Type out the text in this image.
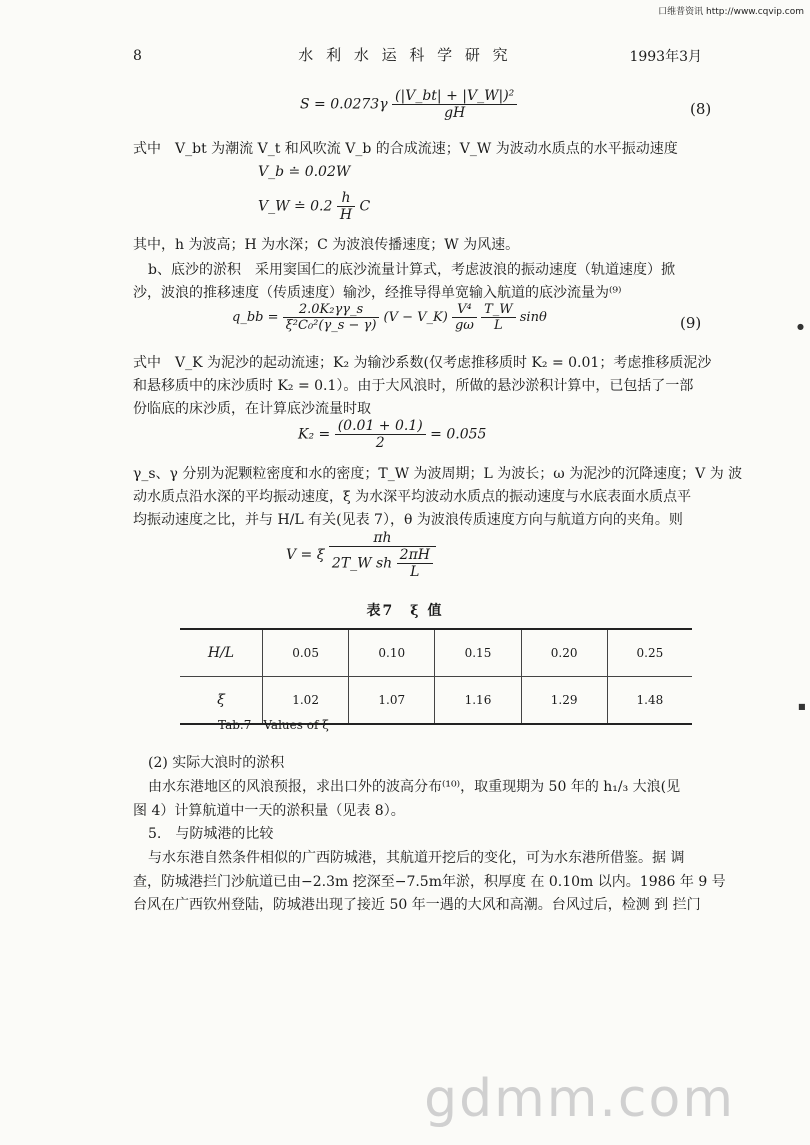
口维普资讯 http://www.cqvip.com
8	水 利 水 运 科 学 研 究	1993年3月
$S = 0.0273\gamma \frac{\text{(|V\_bt| + |V\_W|)²}}{gH}$	(8)
式中　V_bt 为潮流 V_t 和风吹流 V_b 的合成流速；V_W 为波动水质点的水平振动速度
V_b ≐ 0.02W
V_W ≐ $0.2 \frac{h}{H}$ C
其中，h 为波高；H 为水深；C 为波浪传播速度；W 为风速。
b、底沙的淤积　采用窦国仁的底沙流量计算式，考虑波浪的振动速度（轨道速度）掀
沙，波浪的推移速度（传质速度）输沙，经推导得单宽输入航道的底沙流量为⁽⁹⁾
q_bb = $\frac{\text{2.0K₂γγ\_s}}{\text{ξ²C₀²(γ\_s − γ)}} (V$ − V_K) $\frac{\text{V⁴}}{g\omega}$
$\frac{T\_W}{L}$ sinθ	(9)
式中　V_K 为泥沙的起动流速；K₂ 为输沙系数(仅考虑推移质时 K₂ = 0.01；考虑推移质泥沙
和悬移质中的床沙质时 K₂ = 0.1）。由于大风浪时，所做的悬沙淤积计算中，已包括了一部
份临底的床沙质，在计算底沙流量时取
$K_2 = \frac{(0.01 + 0.1)}{2} = 0.055$
γ_s、γ 分别为泥颗粒密度和水的密度；T_W 为波周期；L 为波长；ω 为泥沙的沉降速度；V 为 波
动水质点沿水深的平均振动速度，ξ 为水深平均波动水质点的振动速度与水底表面水质点平
均振动速度之比，并与 H/L 有关(见表 7），θ 为波浪传质速度方向与航道方向的夹角。则
V = ξ $\frac{\pi h}{2T\_W sh \frac{2\pi H}{L}}$
表7　ξ 值
H/L	0.05	0.10	0.15	0.20	0.25
ξ	1.02	1.07	1.16	1.29	1.48
Tab.7　Values of ξ
(2) 实际大浪时的淤积
由水东港地区的风浪预报，求出口外的波高分布⁽¹⁰⁾，取重现期为 50 年的 h₁/₃ 大浪(见
图 4）计算航道中一天的淤积量（见表 8）。
5.　与防城港的比较
与水东港自然条件相似的广西防城港，其航道开挖后的变化，可为水东港所借鉴。据 调
查，防城港拦门沙航道已由−2.3m 挖深至−7.5m年淤，积厚度 在 0.10m 以内。1986 年 9 号
台风在广西钦州登陆，防城港出现了接近 50 年一遇的大风和高潮。台风过后，检测 到 拦门
●
■
gdmm.com
